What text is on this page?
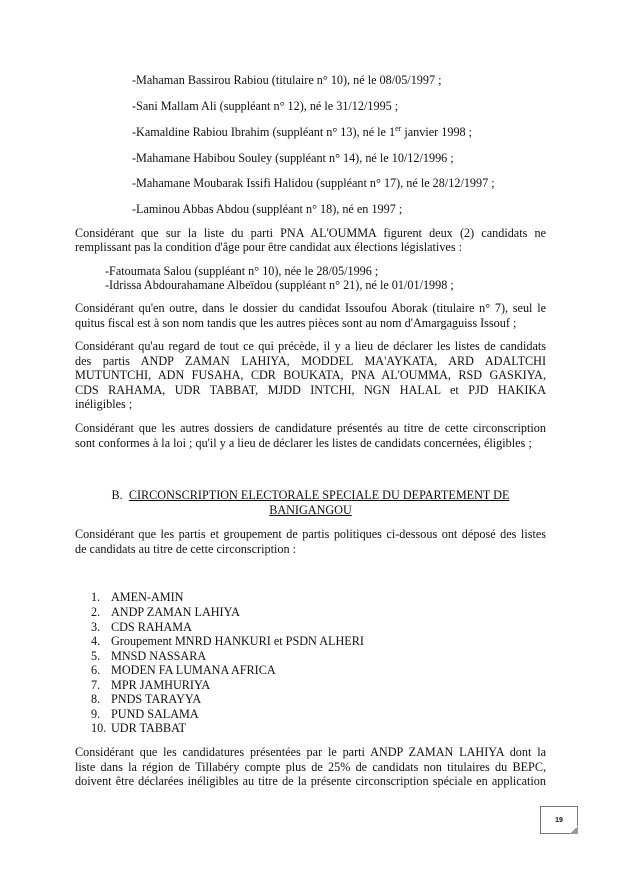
-Mahaman Bassirou Rabiou (titulaire n° 10), né le 08/05/1997 ;
-Sani Mallam Ali (suppléant n° 12), né le 31/12/1995 ;
-Kamaldine Rabiou Ibrahim (suppléant n° 13), né le 1er janvier 1998 ;
-Mahamane Habibou Souley (suppléant n° 14), né le 10/12/1996 ;
-Mahamane Moubarak Issifi Halidou (suppléant n° 17), né le 28/12/1997 ;
-Laminou Abbas Abdou (suppléant n° 18), né en 1997 ;
Considérant que sur la liste du parti PNA AL'OUMMA figurent deux (2) candidats ne
remplissant pas la condition d'âge pour être candidat aux élections législatives :
-Fatoumata Salou (suppléant n° 10), née le 28/05/1996 ;
-Idrissa Abdourahamane Albeïdou (suppléant n° 21), né le 01/01/1998 ;
Considérant qu'en outre, dans le dossier du candidat Issoufou Aborak (titulaire n° 7), seul le
quitus fiscal est à son nom tandis que les autres pièces sont au nom d'Amargaguiss Issouf ;
Considérant qu'au regard de tout ce qui précède, il y a lieu de déclarer les listes de candidats
des partis ANDP ZAMAN LAHIYA, MODDEL MA'AYKATA, ARD ADALTCHI
MUTUNTCHI, ADN FUSAHA, CDR BOUKATA, PNA AL'OUMMA, RSD GASKIYA,
CDS RAHAMA, UDR TABBAT, MJDD INTCHI, NGN HALAL et PJD HAKIKA
inéligibles ;
Considérant que les autres dossiers de candidature présentés au titre de cette circonscription
sont conformes à la loi ; qu'il y a lieu de déclarer les listes de candidats concernées, éligibles ;
B. CIRCONSCRIPTION ELECTORALE SPECIALE DU DEPARTEMENT DE
BANIGANGOU
Considérant que les partis et groupement de partis politiques ci-dessous ont déposé des listes
de candidats au titre de cette circonscription :
1. AMEN-AMIN
2. ANDP ZAMAN LAHIYA
3. CDS RAHAMA
4. Groupement MNRD HANKURI et PSDN ALHERI
5. MNSD NASSARA
6. MODEN FA LUMANA AFRICA
7. MPR JAMHURIYA
8. PNDS TARAYYA
9. PUND SALAMA
10. UDR TABBAT
Considérant que les candidatures présentées par le parti ANDP ZAMAN LAHIYA dont la
liste dans la région de Tillabéry compte plus de 25% de candidats non titulaires du BEPC,
doivent être déclarées inéligibles au titre de la présente circonscription spéciale en application
19
